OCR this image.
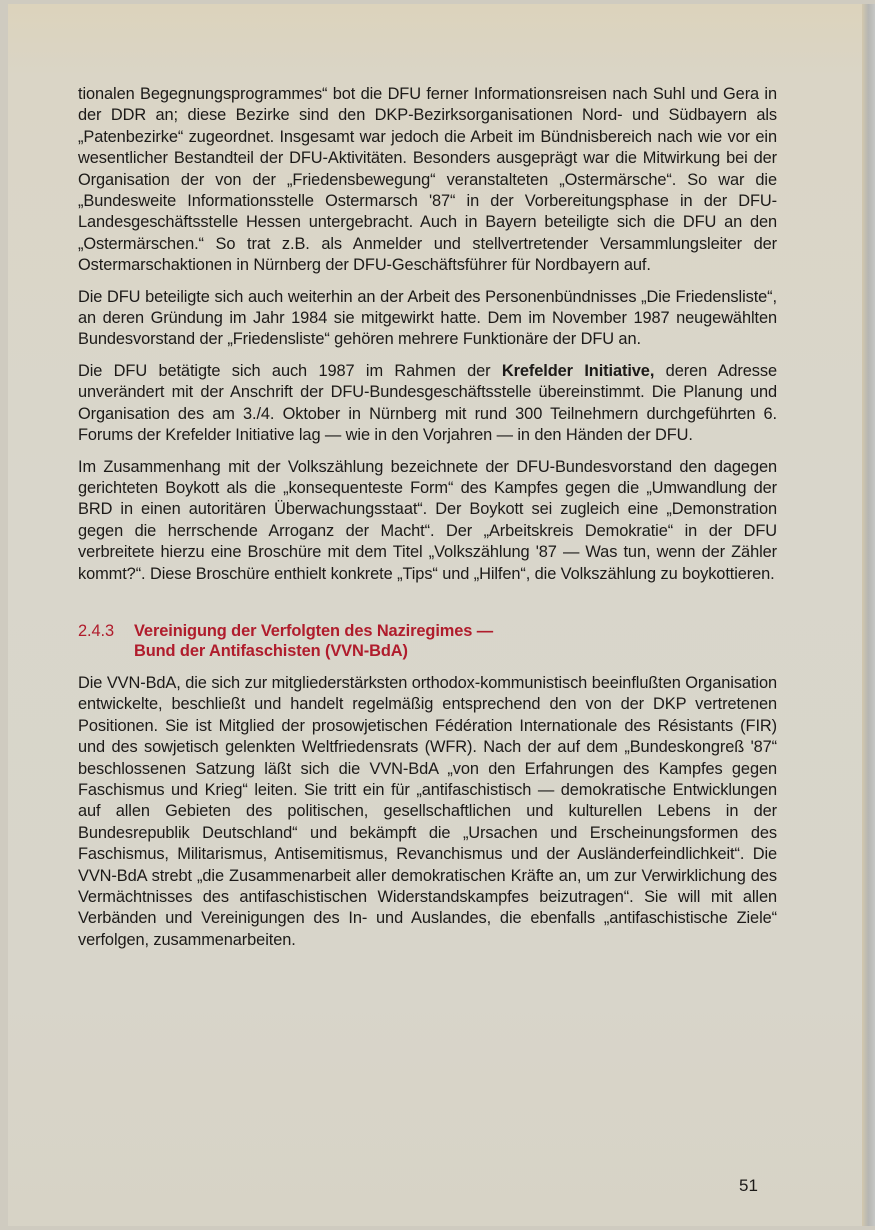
tionalen Begegnungsprogrammes“ bot die DFU ferner Informationsreisen nach Suhl und Gera in der DDR an; diese Bezirke sind den DKP-Bezirksorganisationen Nord- und Südbayern als „Patenbezirke“ zugeordnet. Insgesamt war jedoch die Arbeit im Bündnisbereich nach wie vor ein wesentlicher Bestandteil der DFU-Aktivitäten. Besonders ausgeprägt war die Mitwirkung bei der Organisation der von der „Friedensbewegung“ veranstalteten „Ostermärsche“. So war die „Bundesweite Informationsstelle Ostermarsch '87“ in der Vorbereitungsphase in der DFU-Landesgeschäftsstelle Hessen untergebracht. Auch in Bayern beteiligte sich die DFU an den „Ostermärschen.“ So trat z.B. als Anmelder und stellvertretender Versammlungsleiter der Ostermarschaktionen in Nürnberg der DFU-Geschäftsführer für Nordbayern auf.

Die DFU beteiligte sich auch weiterhin an der Arbeit des Personenbündnisses „Die Friedensliste“, an deren Gründung im Jahr 1984 sie mitgewirkt hatte. Dem im November 1987 neugewählten Bundesvorstand der „Friedensliste“ gehören mehrere Funktionäre der DFU an.

Die DFU betätigte sich auch 1987 im Rahmen der Krefelder Initiative, deren Adresse unverändert mit der Anschrift der DFU-Bundesgeschäftsstelle übereinstimmt. Die Planung und Organisation des am 3./4. Oktober in Nürnberg mit rund 300 Teilnehmern durchgeführten 6. Forums der Krefelder Initiative lag — wie in den Vorjahren — in den Händen der DFU.

Im Zusammenhang mit der Volkszählung bezeichnete der DFU-Bundesvorstand den dagegen gerichteten Boykott als die „konsequenteste Form“ des Kampfes gegen die „Umwandlung der BRD in einen autoritären Überwachungsstaat“. Der Boykott sei zugleich eine „Demonstration gegen die herrschende Arroganz der Macht“. Der „Arbeitskreis Demokratie“ in der DFU verbreitete hierzu eine Broschüre mit dem Titel „Volkszählung '87 — Was tun, wenn der Zähler kommt?“. Diese Broschüre enthielt konkrete „Tips“ und „Hilfen“, die Volkszählung zu boykottieren.

2.4.3	Vereinigung der Verfolgten des Naziregimes —
Bund der Antifaschisten (VVN-BdA)

Die VVN-BdA, die sich zur mitgliederstärksten orthodox-kommunistisch beeinflußten Organisation entwickelte, beschließt und handelt regelmäßig entsprechend den von der DKP vertretenen Positionen. Sie ist Mitglied der prosowjetischen Fédération Internationale des Résistants (FIR) und des sowjetisch gelenkten Weltfriedensrats (WFR). Nach der auf dem „Bundeskongreß '87“ beschlossenen Satzung läßt sich die VVN-BdA „von den Erfahrungen des Kampfes gegen Faschismus und Krieg“ leiten. Sie tritt ein für „antifaschistisch — demokratische Entwicklungen auf allen Gebieten des politischen, gesellschaftlichen und kulturellen Lebens in der Bundesrepublik Deutschland“ und bekämpft die „Ursachen und Erscheinungsformen des Faschismus, Militarismus, Antisemitismus, Revanchismus und der Ausländerfeindlichkeit“. Die VVN-BdA strebt „die Zusammenarbeit aller demokratischen Kräfte an, um zur Verwirklichung des Vermächtnisses des antifaschistischen Widerstandskampfes beizutragen“. Sie will mit allen Verbänden und Vereinigungen des In- und Auslandes, die ebenfalls „antifaschistische Ziele“ verfolgen, zusammenarbeiten.

51
